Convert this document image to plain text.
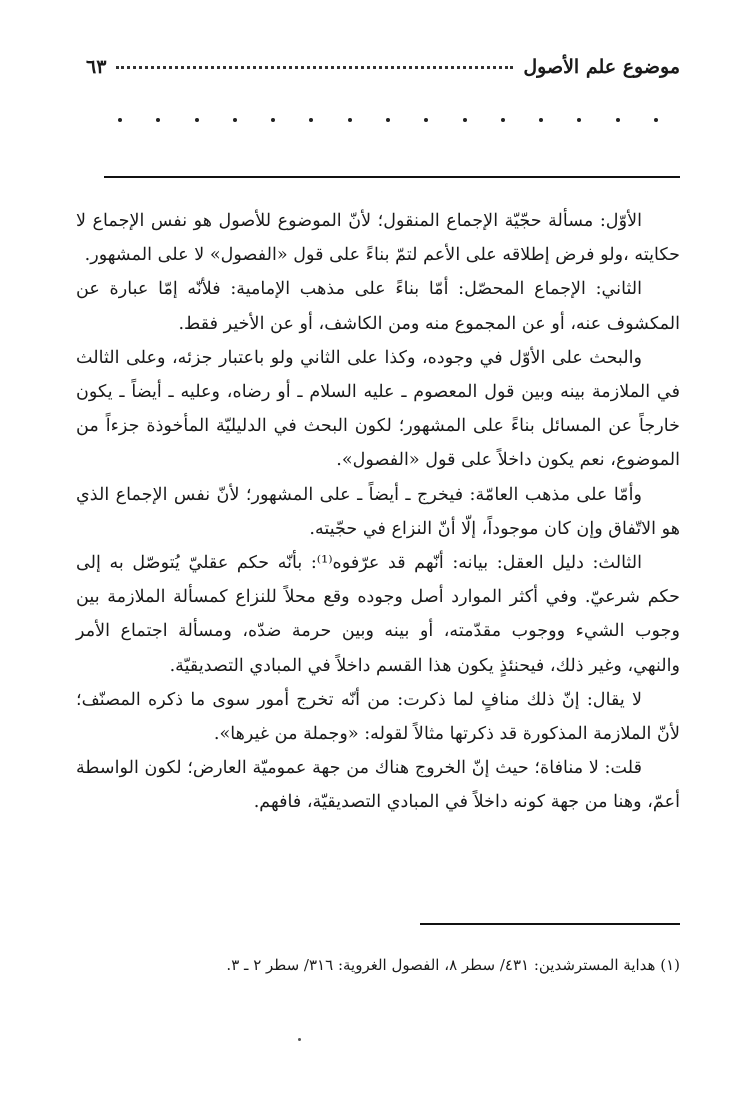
موضوع علم الأصول
٦٣

الأوّل: مسألة حجّيّة الإجماع المنقول؛ لأنّ الموضوع للأصول هو نفس الإجماع لا حكايته ،ولو فرض إطلاقه على الأعم لتمّ بناءً على قول «الفصول» لا على المشهور.

الثاني: الإجماع المحصّل: أمّا بناءً على مذهب الإمامية: فلأنّه إمّا عبارة عن المكشوف عنه، أو عن المجموع منه ومن الكاشف، أو عن الأخير فقط.

والبحث على الأوّل في وجوده، وكذا على الثاني ولو باعتبار جزئه، وعلى الثالث في الملازمة بينه وبين قول المعصوم ـ عليه السلام ـ أو رضاه، وعليه ـ أيضاً ـ يكون خارجاً عن المسائل بناءً على المشهور؛ لكون البحث في الدليليّة المأخوذة جزءاً من الموضوع، نعم يكون داخلاً على قول «الفصول».

وأمّا على مذهب العامّة: فيخرج ـ أيضاً ـ على المشهور؛ لأنّ نفس الإجماع الذي هو الاتّفاق وإن كان موجوداً، إلّا أنّ النزاع في حجّيته.

الثالث: دليل العقل: بيانه: أنّهم قد عرّفوه⁽¹⁾: بأنّه حكم عقليّ يُتوصّل به إلى حكم شرعيّ. وفي أكثر الموارد أصل وجوده وقع محلاً للنزاع كمسألة الملازمة بين وجوب الشيء ووجوب مقدّمته، أو بينه وبين حرمة ضدّه، ومسألة اجتماع الأمر والنهي، وغير ذلك، فيحنئذٍ يكون هذا القسم داخلاً في المبادي التصديقيّة.

لا يقال: إنّ ذلك منافٍ لما ذكرت: من أنّه تخرج أمور سوى ما ذكره المصنّف؛ لأنّ الملازمة المذكورة قد ذكرتها مثالاً لقوله: «وجملة من غيرها».

قلت: لا منافاة؛ حيث إنّ الخروج هناك من جهة عموميّة العارض؛ لكون الواسطة أعمّ، وهنا من جهة كونه داخلاً في المبادي التصديقيّة، فافهم.

(١) هداية المسترشدين: ٤٣١/ سطر ٨، الفصول الغروية: ٣١٦/ سطر ٢ ـ ٣.
